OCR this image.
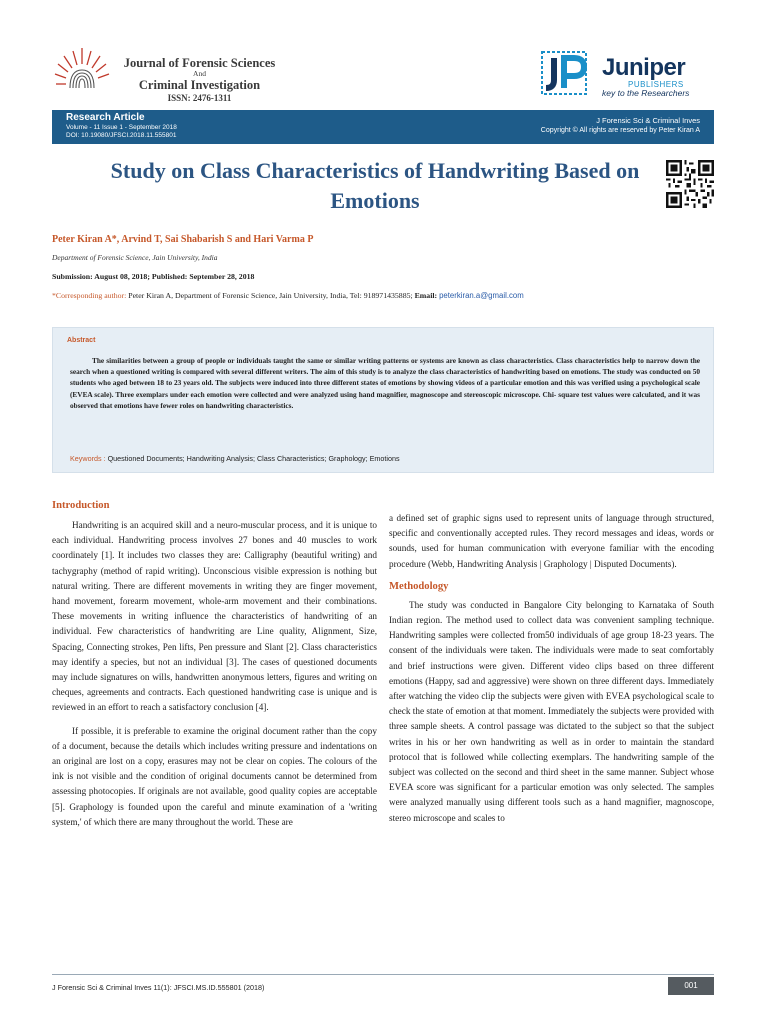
Journal of Forensic Sciences
And
Criminal Investigation
ISSN: 2476-1311
Juniper
PUBLISHERS
key to the Researchers
Research Article
Volume - 11 Issue 1 - September 2018
DOI: 10.19080/JFSCI.2018.11.555801
J Forensic Sci & Criminal Inves
Copyright © All rights are reserved by Peter Kiran A
Study on Class Characteristics of Handwriting Based on Emotions
Peter Kiran A*, Arvind T, Sai Shabarish S and Hari Varma P
Department of Forensic Science, Jain University, India
Submission: August 08, 2018; Published: September 28, 2018
*Corresponding author: Peter Kiran A, Department of Forensic Science, Jain University, India, Tel: 918971435885; Email: peterkiran.a@gmail.com
Abstract
The similarities between a group of people or individuals taught the same or similar writing patterns or systems are known as class characteristics. Class characteristics help to narrow down the search when a questioned writing is compared with several different writers. The aim of this study is to analyze the class characteristics of handwriting based on emotions. The study was conducted on 50 students who aged between 18 to 23 years old. The subjects were induced into three different states of emotions by showing videos of a particular emotion and this was verified using a psychological scale (EVEA scale). Three exemplars under each emotion were collected and were analyzed using hand magnifier, magnoscope and stereoscopic microscope. Chi- square test values were calculated, and it was observed that emotions have fewer roles on handwriting characteristics.
Keywords : Questioned Documents; Handwriting Analysis; Class Characteristics; Graphology; Emotions
Introduction
Handwriting is an acquired skill and a neuro-muscular process, and it is unique to each individual. Handwriting process involves 27 bones and 40 muscles to work coordinately [1]. It includes two classes they are: Calligraphy (beautiful writing) and tachygraphy (method of rapid writing). Unconscious visible expression is nothing but natural writing. There are different movements in writing they are finger movement, hand movement, forearm movement, whole-arm movement and their combinations. These movements in writing influence the characteristics of handwriting of an individual. Few characteristics of handwriting are Line quality, Alignment, Size, Spacing, Connecting strokes, Pen lifts, Pen pressure and Slant [2]. Class characteristics may identify a species, but not an individual [3]. The cases of questioned documents may include signatures on wills, handwritten anonymous letters, figures and writing on cheques, agreements and contracts. Each questioned handwriting case is unique and is reviewed in an effort to reach a satisfactory conclusion [4].
If possible, it is preferable to examine the original document rather than the copy of a document, because the details which includes writing pressure and indentations on an original are lost on a copy, erasures may not be clear on copies. The colours of the ink is not visible and the condition of original documents cannot be determined from assessing photocopies. If originals are not available, good quality copies are acceptable [5]. Graphology is founded upon the careful and minute examination of a 'writing system,' of which there are many throughout the world. These are
a defined set of graphic signs used to represent units of language through structured, specific and conventionally accepted rules. They record messages and ideas, words or sounds, used for human communication with everyone familiar with the encoding procedure (Webb, Handwriting Analysis | Graphology | Disputed Documents).
Methodology
The study was conducted in Bangalore City belonging to Karnataka of South Indian region. The method used to collect data was convenient sampling technique. Handwriting samples were collected from50 individuals of age group 18-23 years. The consent of the individuals were taken. The individuals were made to seat comfortably and brief instructions were given. Different video clips based on three different emotions (Happy, sad and aggressive) were shown on three different days. Immediately after watching the video clip the subjects were given with EVEA psychological scale to check the state of emotion at that moment. Immediately the subjects were provided with three sample sheets. A control passage was dictated to the subject so that the subject writes in his or her own handwriting as well as in order to maintain the standard protocol that is followed while collecting exemplars. The handwriting sample of the subject was collected on the second and third sheet in the same manner. Subject whose EVEA score was significant for a particular emotion was only selected. The samples were analyzed manually using different tools such as a hand magnifier, magnoscope, stereo microscope and scales to
J Forensic Sci & Criminal Inves 11(1): JFSCI.MS.ID.555801 (2018)	001
